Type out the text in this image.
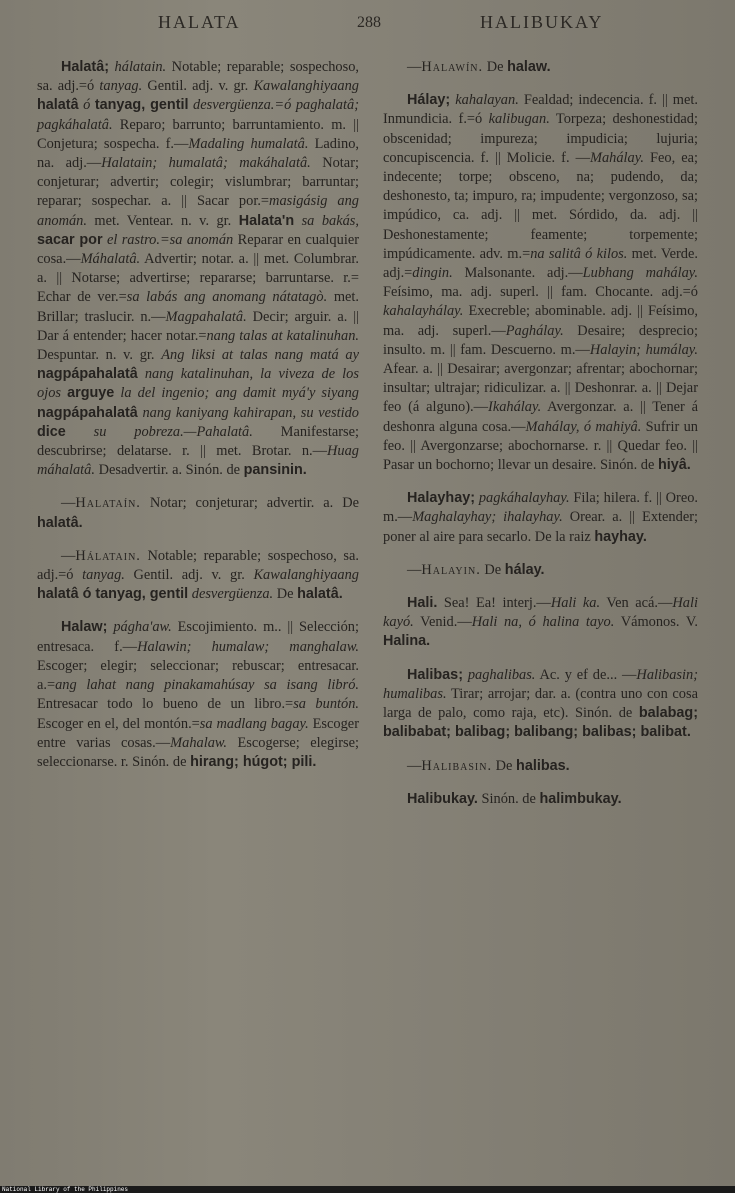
HALATA	288	HALIBUKAY

Halatâ; hálatain. Notable; reparable; sospechoso, sa. adj.=ó tanyag. Gentil. adj. v. gr. Kawalanghiyaang halatâ ó tanyag, gentil desvergüenza.=ó paghalatâ; pagkáhalatâ. Reparo; barrunto; barruntamiento. m. || Conjetura; sospecha. f.—Madaling humalatâ. Ladino, na. adj.—Halatain; humalatâ; makáhalatâ. Notar; conjeturar; advertir; colegir; vislumbrar; barruntar; reparar; sospechar. a. || Sacar por.=masigásig ang anomán. met. Ventear. n. v. gr. Halata'n sa bakás, sacar por el rastro.=sa anomán Reparar en cualquier cosa.—Máhalatâ. Advertir; notar. a. || met. Columbrar. a. || Notarse; advertirse; repararse; barruntarse. r.= Echar de ver.=sa labás ang anomang nátatagò. met. Brillar; traslucir. n.—Magpahalatâ. Decir; arguir. a. || Dar á entender; hacer notar.=nang talas at katalinuhan. Despuntar. n. v. gr. Ang liksi at talas nang matá ay nagpápahalatâ nang katalinuhan, la viveza de los ojos arguye la del ingenio; ang damit myá'y siyang nagpápahalatâ nang kaniyang kahirapan, su vestido dice su pobreza.—Pahalatâ. Manifestarse; descubrirse; delatarse. r. || met. Brotar. n.—Huag máhalatâ. Desadvertir. a. Sinón. de pansinin.

—Halataín. Notar; conjeturar; advertir. a. De halatâ.

—Hálatain. Notable; reparable; sospechoso, sa. adj.=ó tanyag. Gentil. adj. v. gr. Kawalanghiyaang halatâ ó tanyag, gentil desvergüenza. De halatâ.

Halaw; págha'aw. Escojimiento. m.. || Selección; entresaca. f.—Halawin; humalaw; manghalaw. Escoger; elegir; seleccionar; rebuscar; entresacar. a.=ang lahat nang pinakamahúsay sa isang libró. Entresacar todo lo bueno de un libro.=sa buntón. Escoger en el, del montón.=sa madlang bagay. Escoger entre varias cosas.—Mahalaw. Escogerse; elegirse; seleccionarse. r. Sinón. de hirang; húgot; pili.

—Halawín. De halaw.

Hálay; kahalayan. Fealdad; indecencia. f. || met. Inmundicia. f.=ó kalibugan. Torpeza; deshonestidad; obscenidad; impureza; impudicia; lujuria; concupiscencia. f. || Molicie. f. —Mahálay. Feo, ea; indecente; torpe; obsceno, na; pudendo, da; deshonesto, ta; impuro, ra; impudente; vergonzoso, sa; impúdico, ca. adj. || met. Sórdido, da. adj. || Deshonestamente; feamente; torpemente; impúdicamente. adv. m.=na salitâ ó kilos. met. Verde. adj.=dingin. Malsonante. adj.—Lubhang mahálay. Feísimo, ma. adj. superl. || fam. Chocante. adj.=ó kahalayhálay. Execreble; abominable. adj. || Feísimo, ma. adj. superl.—Paghálay. Desaire; desprecio; insulto. m. || fam. Descuerno. m.—Halayin; humálay. Afear. a. || Desairar; avergonzar; afrentar; abochornar; insultar; ultrajar; ridiculizar. a. || Deshonrar. a. || Dejar feo (á alguno).—Ikahálay. Avergonzar. a. || Tener á deshonra alguna cosa.—Mahálay, ó mahiyâ. Sufrir un feo. || Avergonzarse; abochornarse. r. || Quedar feo. || Pasar un bochorno; llevar un desaire. Sinón. de hiyâ.

Halayhay; pagkáhalayhay. Fila; hilera. f. || Oreo. m.—Maghalayhay; ihalayhay. Orear. a. || Extender; poner al aire para secarlo. De la raiz hayhay.

—Halayin. De hálay.

Hali. Sea! Ea! interj.—Hali ka. Ven acá.—Hali kayó. Venid.—Hali na, ó halina tayo. Vámonos. V. Halina.

Halibas; paghalibas. Ac. y ef de... —Halibasin; humalibas. Tirar; arrojar; dar. a. (contra uno con cosa larga de palo, como raja, etc). Sinón. de balabag; balibabat; balibag; balibang; balibas; balibat.

—Halibasin. De halibas.

Halibukay. Sinón. de halimbukay.

National Library of the Philippines
